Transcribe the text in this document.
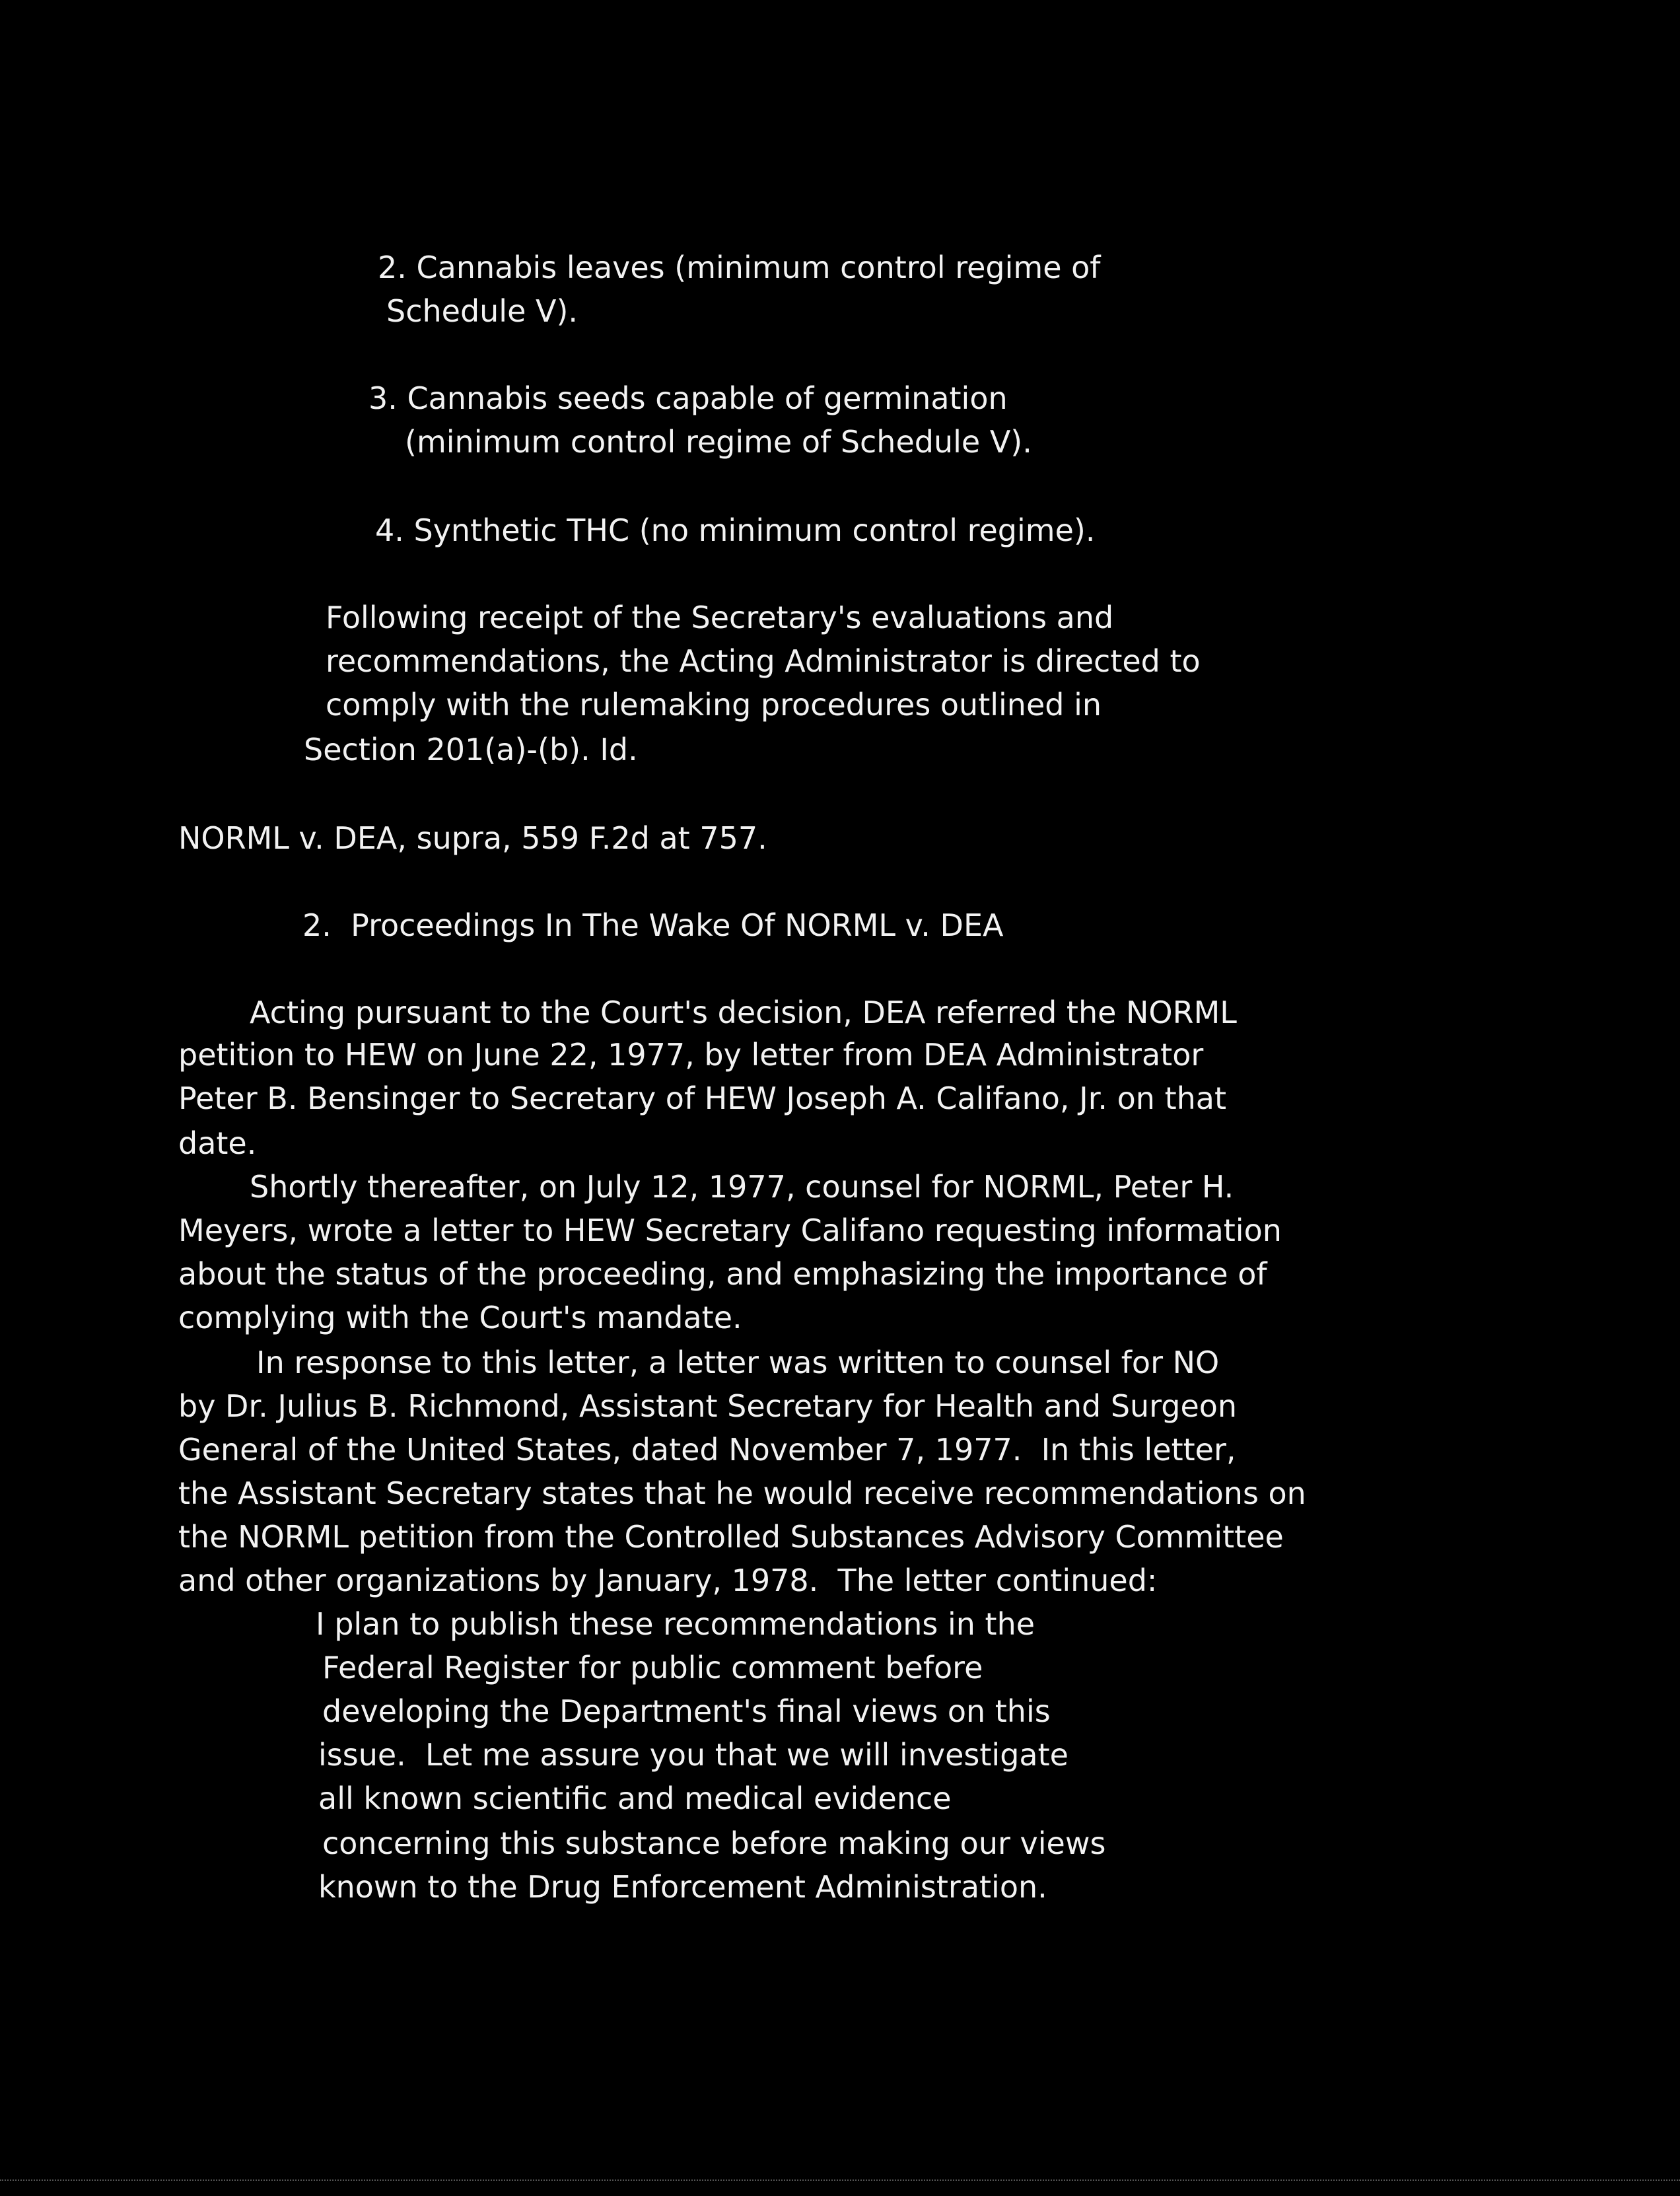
2. Cannabis leaves (minimum control regime of
Schedule V).
3. Cannabis seeds capable of germination
(minimum control regime of Schedule V).
4. Synthetic THC (no minimum control regime).
Following receipt of the Secretary's evaluations and
recommendations, the Acting Administrator is directed to
comply with the rulemaking procedures outlined in
Section 201(a)-(b). Id.
NORML v. DEA, supra, 559 F.2d at 757.
2.  Proceedings In The Wake Of NORML v. DEA
Acting pursuant to the Court's decision, DEA referred the NORML
petition to HEW on June 22, 1977, by letter from DEA Administrator
Peter B. Bensinger to Secretary of HEW Joseph A. Califano, Jr. on that
date.
Shortly thereafter, on July 12, 1977, counsel for NORML, Peter H.
Meyers, wrote a letter to HEW Secretary Califano requesting information
about the status of the proceeding, and emphasizing the importance of
complying with the Court's mandate.
In response to this letter, a letter was written to counsel for NO
by Dr. Julius B. Richmond, Assistant Secretary for Health and Surgeon
General of the United States, dated November 7, 1977.  In this letter,
the Assistant Secretary states that he would receive recommendations on
the NORML petition from the Controlled Substances Advisory Committee
and other organizations by January, 1978.  The letter continued:
I plan to publish these recommendations in the
Federal Register for public comment before
developing the Department's final views on this
issue.  Let me assure you that we will investigate
all known scientific and medical evidence
concerning this substance before making our views
known to the Drug Enforcement Administration.
